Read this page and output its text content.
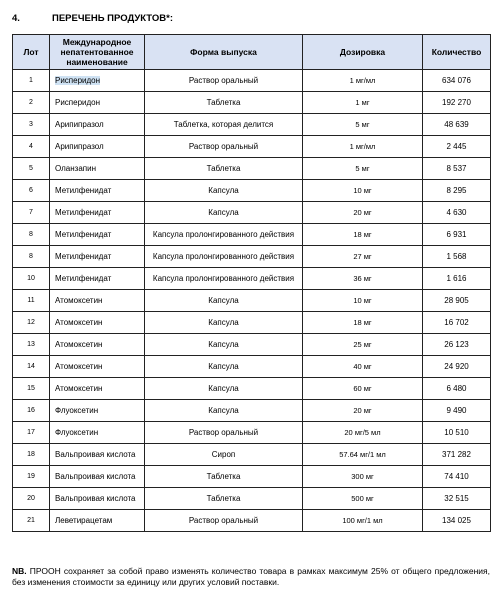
4.	ПЕРЕЧЕНЬ ПРОДУКТОВ*:
Лот	Международное непатентованное наименование	Форма выпуска	Дозировка	Количество
1	Рисперидон	Раствор оральный	1 мг/мл	634 076
2	Рисперидон	Таблетка	1 мг	192 270
3	Арипипразол	Таблетка, которая делится	5 мг	48 639
4	Арипипразол	Раствор оральный	1 мг/мл	2 445
5	Оланзапин	Таблетка	5 мг	8 537
6	Метилфенидат	Капсула	10 мг	8 295
7	Метилфенидат	Капсула	20 мг	4 630
8	Метилфенидат	Капсула пролонгированного действия	18 мг	6 931
8	Метилфенидат	Капсула пролонгированного действия	27 мг	1 568
10	Метилфенидат	Капсула пролонгированного действия	36 мг	1 616
11	Атомоксетин	Капсула	10 мг	28 905
12	Атомоксетин	Капсула	18 мг	16 702
13	Атомоксетин	Капсула	25 мг	26 123
14	Атомоксетин	Капсула	40 мг	24 920
15	Атомоксетин	Капсула	60 мг	6 480
16	Флуоксетин	Капсула	20 мг	9 490
17	Флуоксетин	Раствор оральный	20 мг/5 мл	10 510
18	Вальпроивая кислота	Сироп	57.64 мг/1 мл	371 282
19	Вальпроивая кислота	Таблетка	300 мг	74 410
20	Вальпроивая кислота	Таблетка	500 мг	32 515
21	Леветирацетам	Раствор оральный	100 мг/1 мл	134 025
NB. ПРООН сохраняет за собой право изменять количество товара в рамках максимум 25% от общего предложения, без изменения стоимости за единицу или других условий поставки.
